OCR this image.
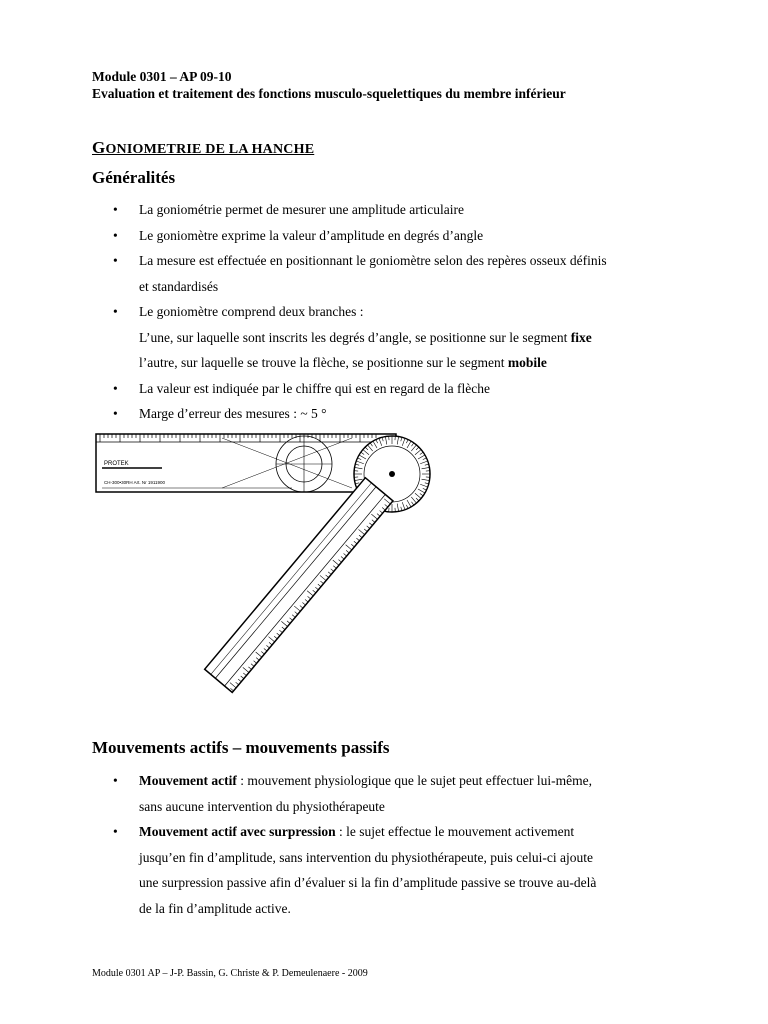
Module 0301 – AP 09-10
Evaluation et traitement des fonctions musculo-squelettiques du membre inférieur
GONIOMETRIE DE LA HANCHE
Généralités
• La goniométrie permet de mesurer une amplitude articulaire
• Le goniomètre exprime la valeur d’amplitude en degrés d’angle
• La mesure est effectuée en positionnant le goniomètre selon des repères osseux définis
et standardisés
• Le goniomètre comprend deux branches :
L’une, sur laquelle sont inscrits les degrés d’angle, se positionne sur le segment fixe
l’autre, sur laquelle se trouve la flèche, se positionne sur le segment mobile
• La valeur est indiquée par le chiffre qui est en regard de la flèche
• Marge d’erreur des mesures : ~ 5 °
PROTEK
CH-300•30RH Art. Nr 1911900
Mouvements actifs – mouvements passifs
• Mouvement actif : mouvement physiologique que le sujet peut effectuer lui-même,
sans aucune intervention du physiothérapeute
• Mouvement actif avec surpression : le sujet effectue le mouvement activement
jusqu’en fin d’amplitude, sans intervention du physiothérapeute, puis celui-ci ajoute
une surpression passive afin d’évaluer si la fin d’amplitude passive se trouve au-delà
de la fin d’amplitude active.
Module 0301 AP – J-P. Bassin, G. Christe & P. Demeulenaere - 2009
